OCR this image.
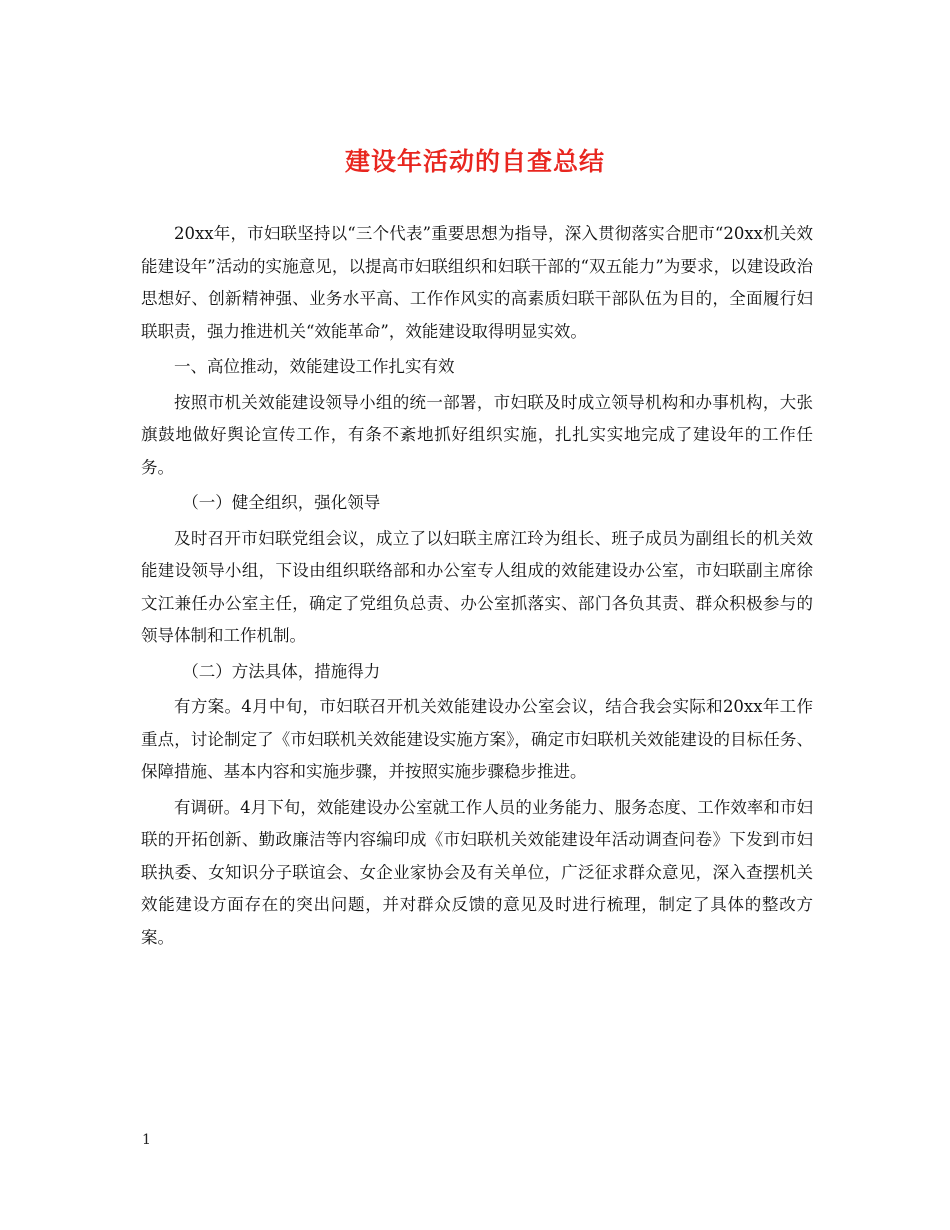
建设年活动的自查总结

20xx年，市妇联坚持以“三个代表”重要思想为指导，深入贯彻落实合肥市“20xx机关效能建设年”活动的实施意见，以提高市妇联组织和妇联干部的“双五能力”为要求，以建设政治思想好、创新精神强、业务水平高、工作作风实的高素质妇联干部队伍为目的，全面履行妇联职责，强力推进机关“效能革命”，效能建设取得明显实效。

一、高位推动，效能建设工作扎实有效

按照市机关效能建设领导小组的统一部署，市妇联及时成立领导机构和办事机构，大张旗鼓地做好舆论宣传工作，有条不紊地抓好组织实施，扎扎实实地完成了建设年的工作任务。

（一）健全组织，强化领导

及时召开市妇联党组会议，成立了以妇联主席江玲为组长、班子成员为副组长的机关效能建设领导小组，下设由组织联络部和办公室专人组成的效能建设办公室，市妇联副主席徐文江兼任办公室主任，确定了党组负总责、办公室抓落实、部门各负其责、群众积极参与的领导体制和工作机制。

（二）方法具体，措施得力

有方案。4月中旬，市妇联召开机关效能建设办公室会议，结合我会实际和20xx年工作重点，讨论制定了《市妇联机关效能建设实施方案》，确定市妇联机关效能建设的目标任务、保障措施、基本内容和实施步骤，并按照实施步骤稳步推进。

有调研。4月下旬，效能建设办公室就工作人员的业务能力、服务态度、工作效率和市妇联的开拓创新、勤政廉洁等内容编印成《市妇联机关效能建设年活动调查问卷》下发到市妇联执委、女知识分子联谊会、女企业家协会及有关单位，广泛征求群众意见，深入查摆机关效能建设方面存在的突出问题，并对群众反馈的意见及时进行梳理，制定了具体的整改方案。

1
